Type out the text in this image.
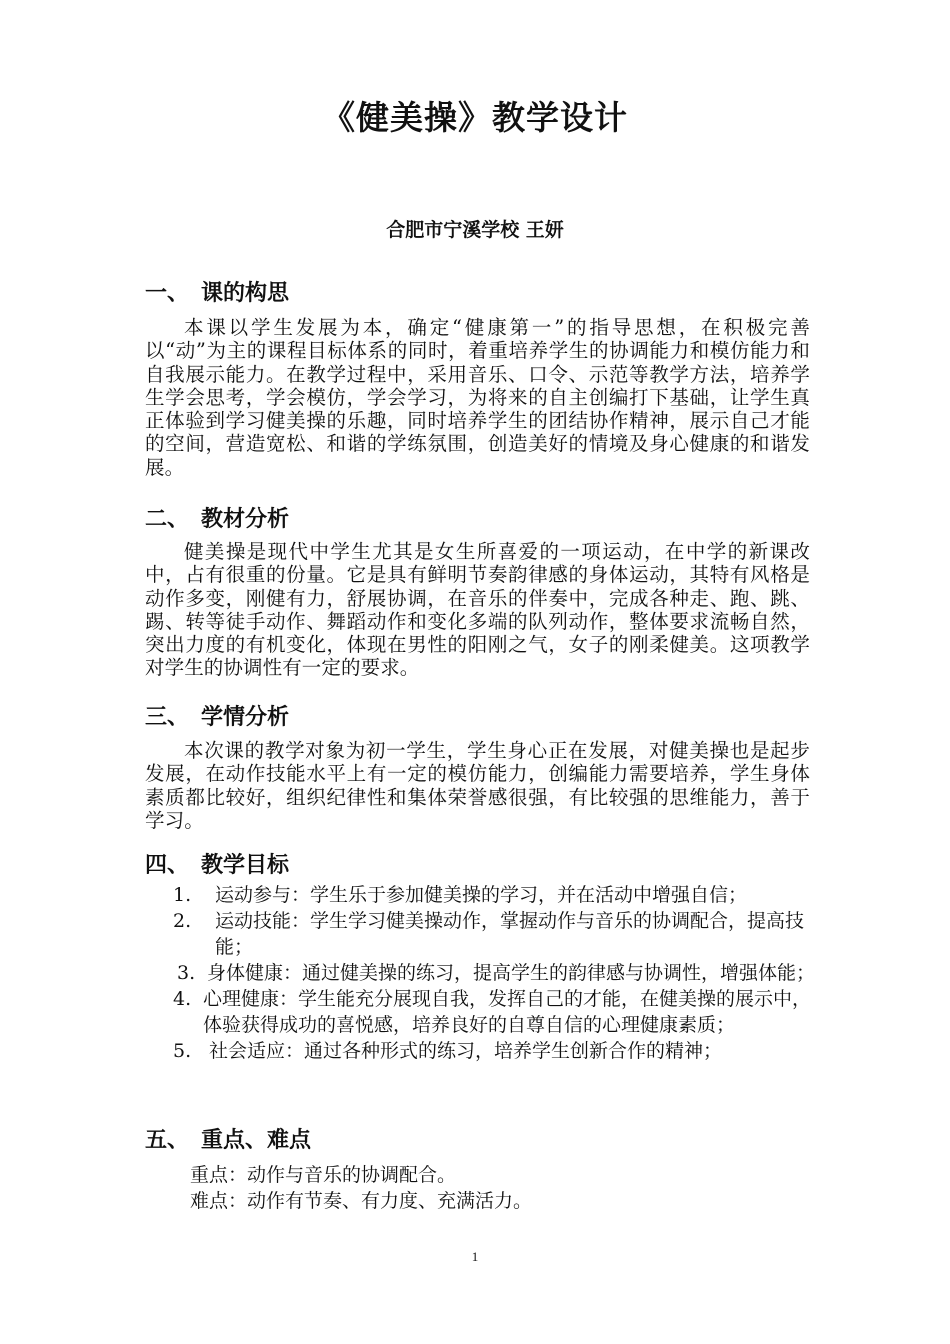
《健美操》教学设计
合肥市宁溪学校 王妍
一、 课的构思
本课以学生发展为本，确定“健康第一”的指导思想，在积极完善以“动”为主的课程目标体系的同时，着重培养学生的协调能力和模仿能力和自我展示能力。在教学过程中，采用音乐、口令、示范等教学方法，培养学生学会思考，学会模仿，学会学习，为将来的自主创编打下基础，让学生真正体验到学习健美操的乐趣，同时培养学生的团结协作精神，展示自己才能的空间，营造宽松、和谐的学练氛围，创造美好的情境及身心健康的和谐发展。
二、 教材分析
健美操是现代中学生尤其是女生所喜爱的一项运动，在中学的新课改中，占有很重的份量。它是具有鲜明节奏韵律感的身体运动，其特有风格是动作多变，刚健有力，舒展协调，在音乐的伴奏中，完成各种走、跑、跳、踢、转等徒手动作、舞蹈动作和变化多端的队列动作，整体要求流畅自然，突出力度的有机变化，体现在男性的阳刚之气，女子的刚柔健美。这项教学对学生的协调性有一定的要求。
三、 学情分析
本次课的教学对象为初一学生，学生身心正在发展，对健美操也是起步发展，在动作技能水平上有一定的模仿能力，创编能力需要培养，学生身体素质都比较好，组织纪律性和集体荣誉感很强，有比较强的思维能力，善于学习。
四、 教学目标
1.	运动参与：学生乐于参加健美操的学习，并在活动中增强自信；
2.	运动技能：学生学习健美操动作，掌握动作与音乐的协调配合，提高技能；
3. 身体健康：通过健美操的练习，提高学生的韵律感与协调性，增强体能；
4. 心理健康：学生能充分展现自我，发挥自己的才能，在健美操的展示中，体验获得成功的喜悦感，培养良好的自尊自信的心理健康素质；
5. 社会适应：通过各种形式的练习，培养学生创新合作的精神；
五、 重点、难点
重点：动作与音乐的协调配合。
难点：动作有节奏、有力度、充满活力。
1
